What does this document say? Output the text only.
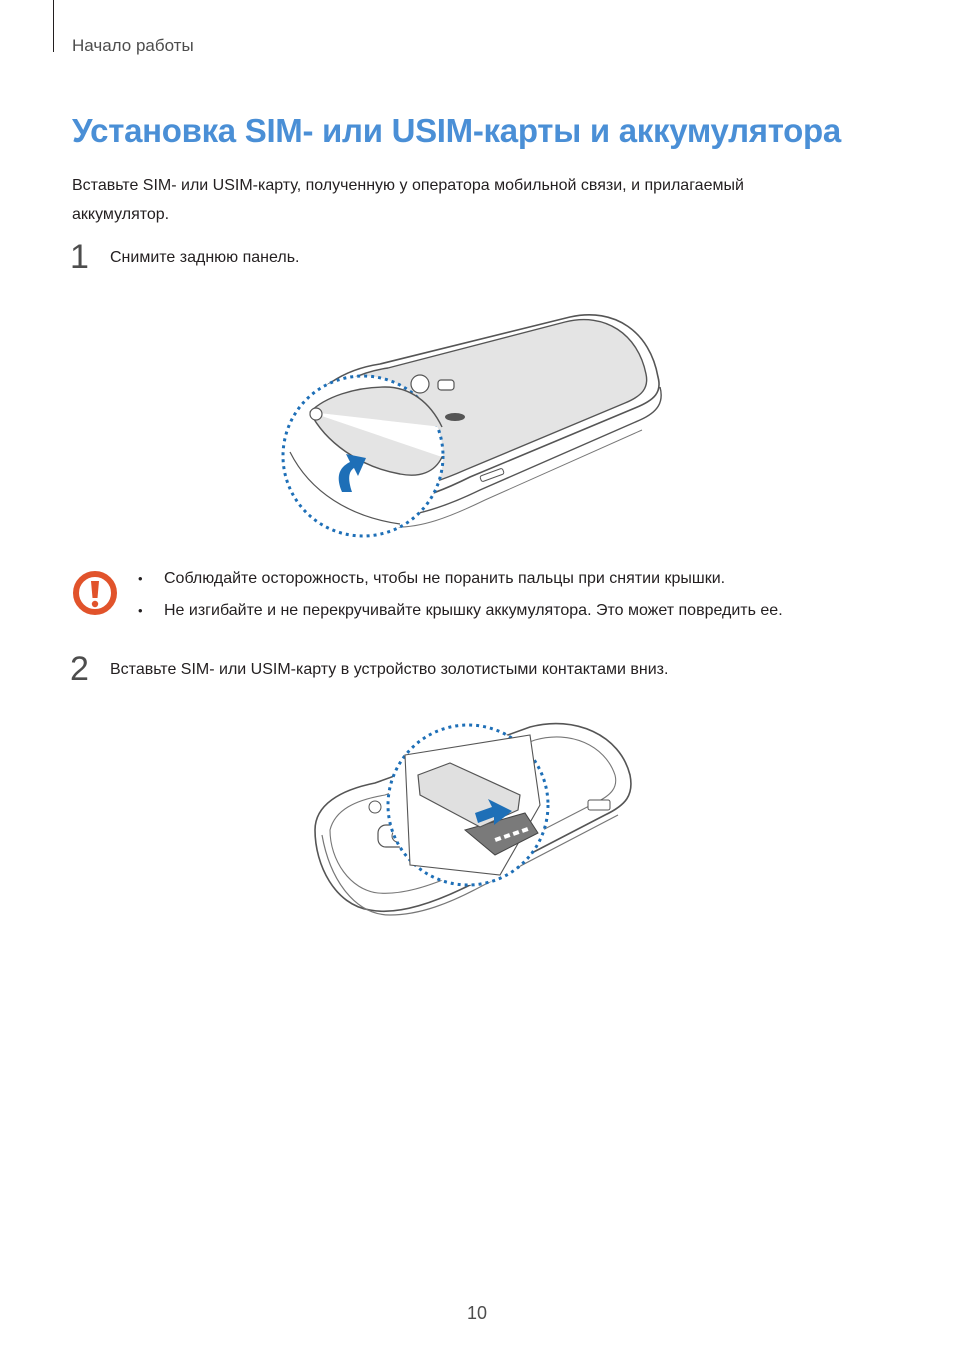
Начало работы
Установка SIM- или USIM-карты и аккумулятора

Вставьте SIM- или USIM-карту, полученную у оператора мобильной связи, и прилагаемый аккумулятор.

1 Снимите заднюю панель.
• Соблюдайте осторожность, чтобы не поранить пальцы при снятии крышки.
• Не изгибайте и не перекручивайте крышку аккумулятора. Это может повредить ее.
2 Вставьте SIM- или USIM-карту в устройство золотистыми контактами вниз.
10
